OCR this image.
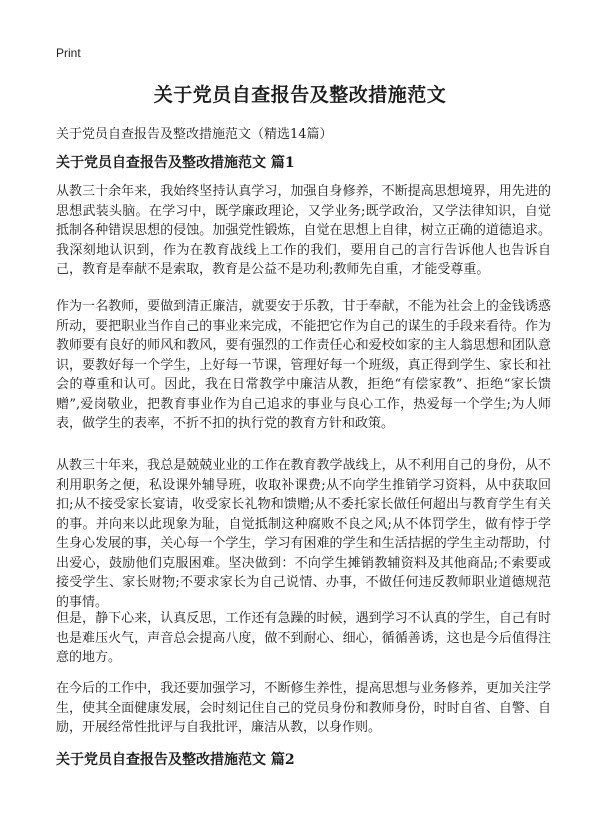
Print
关于党员自查报告及整改措施范文
关于党员自查报告及整改措施范文（精选14篇）
关于党员自查报告及整改措施范文 篇1
从教三十余年来，我始终坚持认真学习，加强自身修养，不断提高思想境界，用先进的思想武装头脑。在学习中，既学廉政理论，又学业务;既学政治，又学法律知识，自觉抵制各种错误思想的侵蚀。加强党性锻炼，自觉在思想上自律，树立正确的道德追求。我深刻地认识到，作为在教育战线上工作的我们，要用自己的言行告诉他人也告诉自己，教育是奉献不是索取，教育是公益不是功利;教师先自重，才能受尊重。
作为一名教师，要做到清正廉洁，就要安于乐教，甘于奉献，不能为社会上的金钱诱惑所动，要把职业当作自己的事业来完成，不能把它作为自己的谋生的手段来看待。作为教师要有良好的师风和教风，要有强烈的工作责任心和爱校如家的主人翁思想和团队意识，要教好每一个学生，上好每一节课，管理好每一个班级，真正得到学生、家长和社会的尊重和认可。因此，我在日常教学中廉洁从教，拒绝“有偿家教”、拒绝“家长馈赠”,爱岗敬业，把教育事业作为自己追求的事业与良心工作，热爱每一个学生;为人师表，做学生的表率，不折不扣的执行党的教育方针和政策。
从教三十年来，我总是兢兢业业的工作在教育教学战线上，从不利用自己的身份，从不利用职务之便，私设课外辅导班，收取补课费;从不向学生推销学习资料，从中获取回扣;从不接受家长宴请，收受家长礼物和馈赠;从不委托家长做任何超出与教育学生有关的事。并向来以此现象为耻，自觉抵制这种腐败不良之风;从不体罚学生，做有悖于学生身心发展的事，关心每一个学生，学习有困难的学生和生活拮据的学生主动帮助，付出爱心，鼓励他们克服困难。坚决做到：不向学生摊销教辅资料及其他商品;不索要或接受学生、家长财物;不要求家长为自己说情、办事，不做任何违反教师职业道德规范的事情。
但是，静下心来，认真反思，工作还有急躁的时候，遇到学习不认真的学生，自己有时也是难压火气，声音总会提高八度，做不到耐心、细心，循循善诱，这也是今后值得注意的地方。
在今后的工作中，我还要加强学习，不断修生养性，提高思想与业务修养，更加关注学生，使其全面健康发展，会时刻记住自己的党员身份和教师身份，时时自省、自警、自励，开展经常性批评与自我批评，廉洁从教，以身作则。
关于党员自查报告及整改措施范文 篇2
